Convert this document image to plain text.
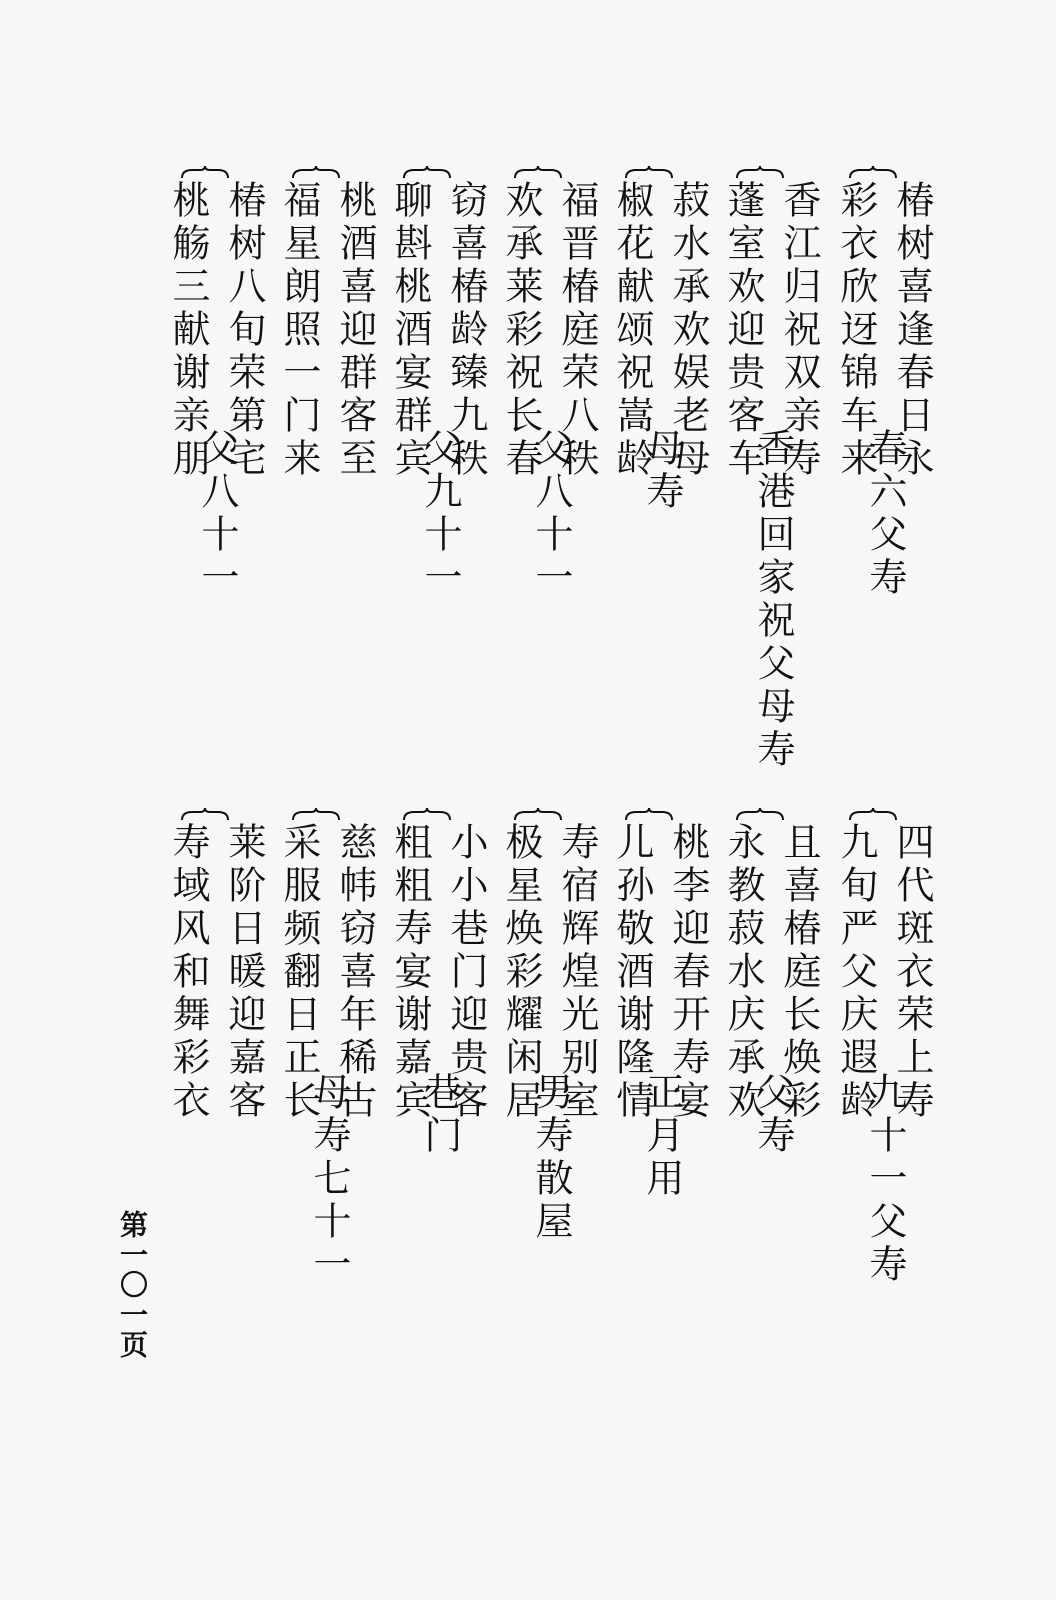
椿树喜逢春日永
彩衣欣迓锦车来
春六父寿
香江归祝双亲寿
蓬室欢迎贵客车
香港回家祝父母寿
菽水承欢娱老母
椒花献颂祝嵩龄
母寿
福晋椿庭荣八秩
欢承莱彩祝长春
父八十一
窃喜椿龄臻九秩
聊斟桃酒宴群宾
父九十一
桃酒喜迎群客至
福星朗照一门来
椿树八旬荣第宅
桃觞三献谢亲朋
父八十一
四代斑衣荣上寿
九旬严父庆遐龄
九十一父寿
且喜椿庭长焕彩
永教菽水庆承欢
父寿
桃李迎春开寿宴
儿孙敬酒谢隆情
正月用
寿宿辉煌光别室
极星焕彩耀闲居
男寿散屋
小小巷门迎贵客
粗粗寿宴谢嘉宾
巷门
慈帏窃喜年稀古
采服频翻日正长
母寿七十一
莱阶日暖迎嘉客
寿域风和舞彩衣
第一〇一页
